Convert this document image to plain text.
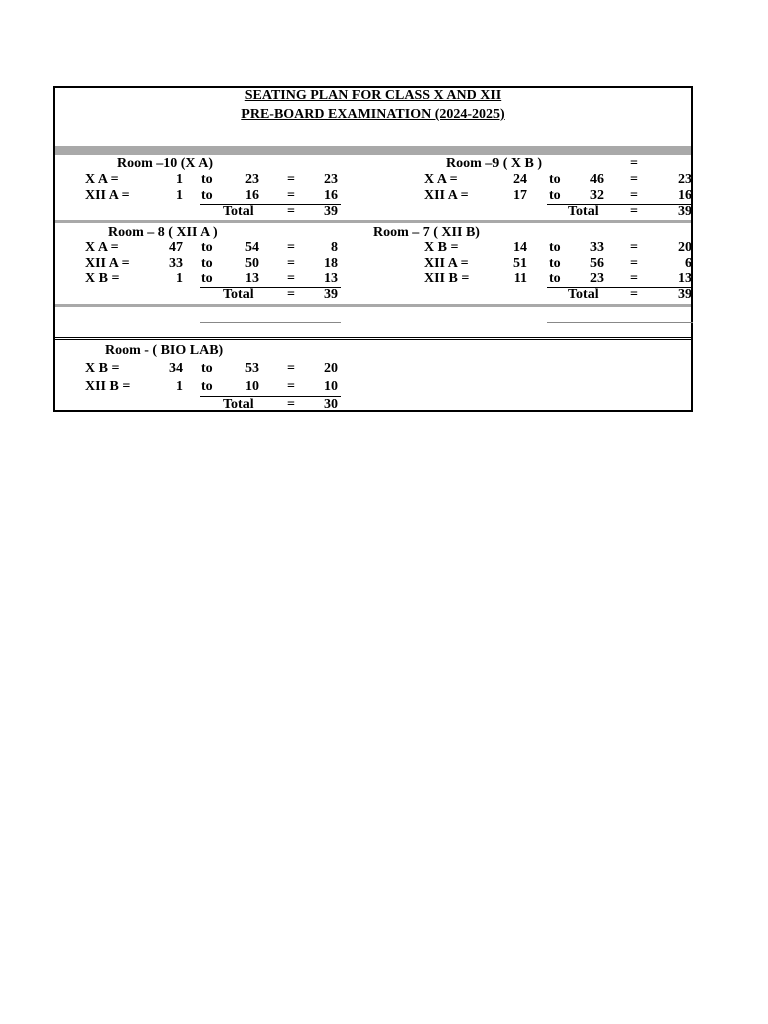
SEATING PLAN FOR CLASS X AND XII
PRE-BOARD EXAMINATION (2024-2025)
Room –10 (X A)
X A =	1 to	23 =	23
XII A =	1 to	16 =	16
Total =	39
Room –9 ( X B )	=
X A =	24 to	46 =	23
XII A =	17 to	32 =	16
Total =	39
Room – 8 ( XII A )
X A =	47 to	54 =	8
XII A =	33 to	50 =	18
X B =	1 to	13 =	13
Total =	39
Room – 7 ( XII B)
X B =	14 to	33 =	20
XII A =	51 to	56 =	6
XII B =	11 to	23 =	13
Total =	39
Room - ( BIO LAB)
X B =	34 to	53 =	20
XII B =	1 to	10 =	10
Total =	30
